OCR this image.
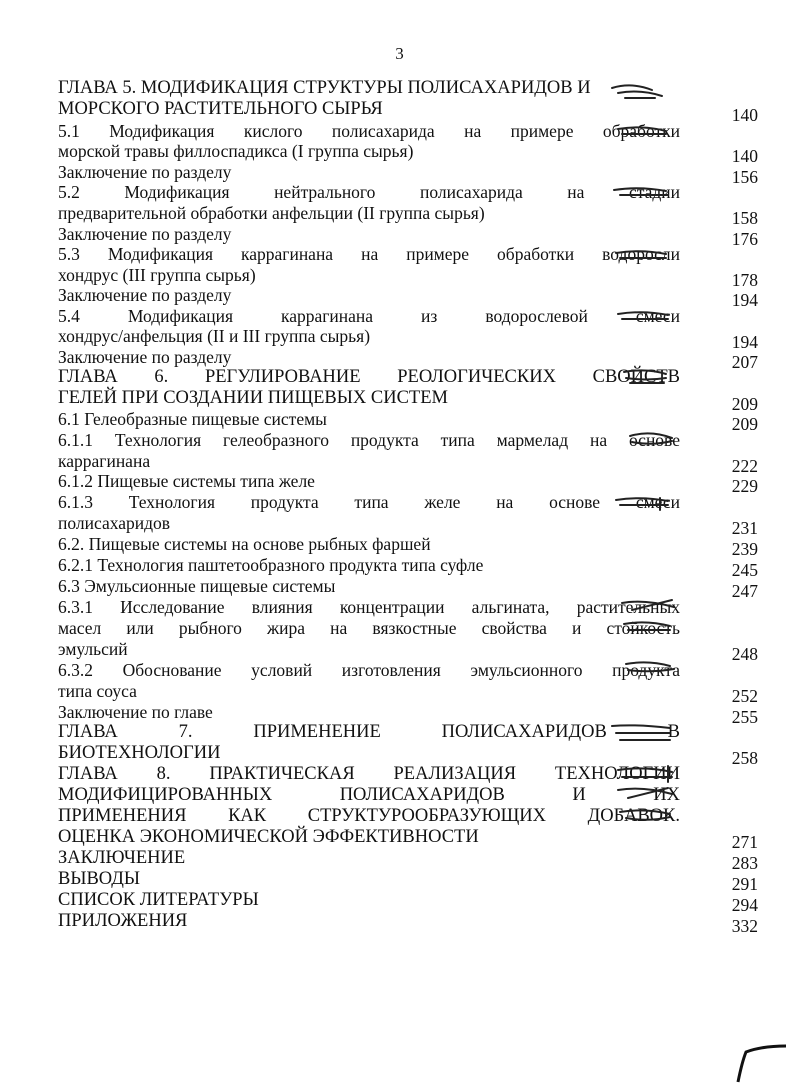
3
ГЛАВА 5. МОДИФИКАЦИЯ СТРУКТУРЫ ПОЛИСАХАРИДОВ И
МОРСКОГО РАСТИТЕЛЬНОГО СЫРЬЯ
5.1 Модификация кислого полисахарида на примере обработки
морской травы филлоспадикса (I группа сырья)
Заключение по разделу
5.2 Модификация нейтрального полисахарида на стадии
предварительной обработки анфельции (II группа сырья)
Заключение по разделу
5.3 Модификация каррагинана на примере обработки водоросли
хондрус (III группа сырья)
Заключение по разделу
5.4 Модификация каррагинана из водорослевой смеси
хондрус/анфельция (II и III группа сырья)
Заключение по разделу
ГЛАВА 6. РЕГУЛИРОВАНИЕ РЕОЛОГИЧЕСКИХ СВОЙСТВ
ГЕЛЕЙ ПРИ СОЗДАНИИ ПИЩЕВЫХ СИСТЕМ
6.1 Гелеобразные пищевые системы
6.1.1 Технология гелеобразного продукта типа мармелад на основе
каррагинана
6.1.2 Пищевые системы типа желе
6.1.3 Технология продукта типа желе на основе смеси
полисахаридов
6.2. Пищевые системы на основе рыбных фаршей
6.2.1 Технология паштетообразного продукта типа суфле
6.3 Эмульсионные пищевые системы
6.3.1 Исследование влияния концентрации альгината, растительных
масел или рыбного жира на вязкостные свойства и стойкость
эмульсий
6.3.2 Обоснование условий изготовления эмульсионного продукта
типа соуса
Заключение по главе
ГЛАВА 7. ПРИМЕНЕНИЕ ПОЛИСАХАРИДОВ В
БИОТЕХНОЛОГИИ
ГЛАВА 8. ПРАКТИЧЕСКАЯ РЕАЛИЗАЦИЯ ТЕХНОЛОГИИ
МОДИФИЦИРОВАННЫХ ПОЛИСАХАРИДОВ И ИХ
ПРИМЕНЕНИЯ КАК СТРУКТУРООБРАЗУЮЩИХ ДОБАВОК.
ОЦЕНКА ЭКОНОМИЧЕСКОЙ ЭФФЕКТИВНОСТИ
ЗАКЛЮЧЕНИЕ
ВЫВОДЫ
СПИСОК ЛИТЕРАТУРЫ
ПРИЛОЖЕНИЯ
140
140
156
158
176
178
194
194
207
209
209
222
229
231
239
245
247
248
252
255
258
271
283
291
294
332
